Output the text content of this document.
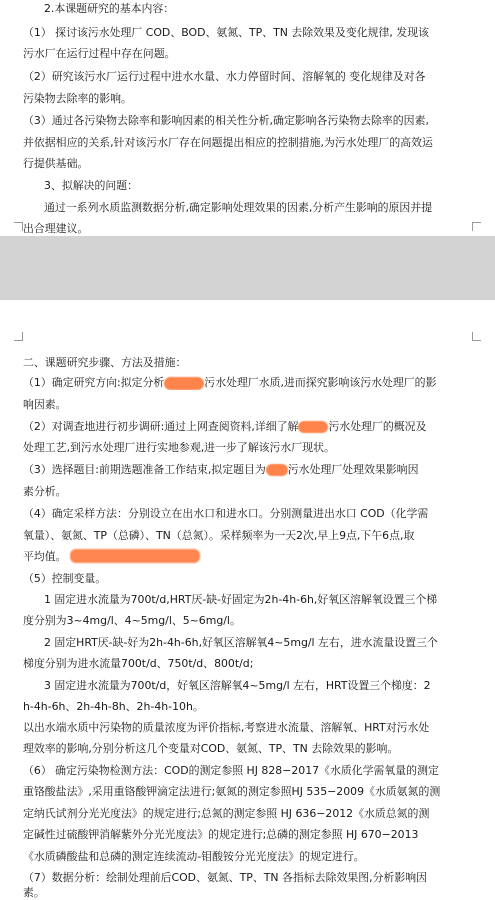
2.本课题研究的基本内容：
（1） 探讨该污水处理厂 COD、BOD、氨氮、TP、TN 去除效果及变化规律, 发现该
污水厂在运行过程中存在问题。
（2）研究该污水厂运行过程中进水水量、水力停留时间、溶解氧的 变化规律及对各
污染物去除率的影响。
（3）通过各污染物去除率和影响因素的相关性分析,确定影响各污染物去除率的因素,
并依据相应的关系,针对该污水厂存在问题提出相应的控制措施,为污水处理厂的高效运
行提供基础。
3、拟解决的问题：
通过一系列水质监测数据分析,确定影响处理效果的因素,分析产生影响的原因并提
出合理建议。
二、课题研究步骤、方法及措施：
（1）确定研究方向:拟定分析	污水处理厂水质,进而探究影响该污水处理厂的影
响因素。
（2）对调查地进行初步调研:通过上网查阅资料,详细了解	污水处理厂的概况及
处理工艺,到污水处理厂进行实地参观,进一步了解该污水厂现状。
（3）选择题目:前期选题准备工作结束,拟定题目为 污水处理厂处理效果影响因
素分析。
（4）确定采样方法：分别设立在出水口和进水口。分别测量进出水口 COD（化学需
氧量）、氨氮、TP（总磷）、TN（总氮）。采样频率为一天2次,早上9点,下午6点,取
平均值。
（5）控制变量。
1 固定进水流量为700t/d,HRT厌-缺-好固定为2h-4h-6h,好氧区溶解氧设置三个梯
度分别为3~4mg/l、4~5mg/l、5~6mg/l。
2 固定HRT厌-缺-好为2h-4h-6h,好氧区溶解氧4~5mg/l 左右，进水流量设置三个
梯度分别为进水流量700t/d、750t/d、800t/d;
3 固定进水流量为700t/d，好氧区溶解氧4~5mg/l 左右，HRT设置三个梯度：2
h-4h-6h、2h-4h-8h、2h-4h-10h。
以出水端水质中污染物的质量浓度为评价指标,考察进水流量、溶解氧、HRT对污水处
理效率的影响,分别分析这几个变量对COD、氨氮、TP、TN 去除效果的影响。
（6） 确定污染物检测方法：COD的测定参照 HJ 828−2017《水质化学需氧量的测定
重铬酸盐法》,采用重铬酸钾滴定法进行;氨氮的测定参照HJ 535−2009《水质氨氮的测
定纳氏试剂分光光度法》的规定进行;总氮的测定参照 HJ 636−2012《水质总氮的测
定碱性过硫酸钾消解紫外分光光度法》的规定进行;总磷的测定参照 HJ 670−2013
《水质磷酸盐和总磷的测定连续流动-钼酸铵分光光度法》的规定进行。
（7）数据分析：绘制处理前后COD、氨氮、TP、TN 各指标去除效果图,分析影响因
素。
